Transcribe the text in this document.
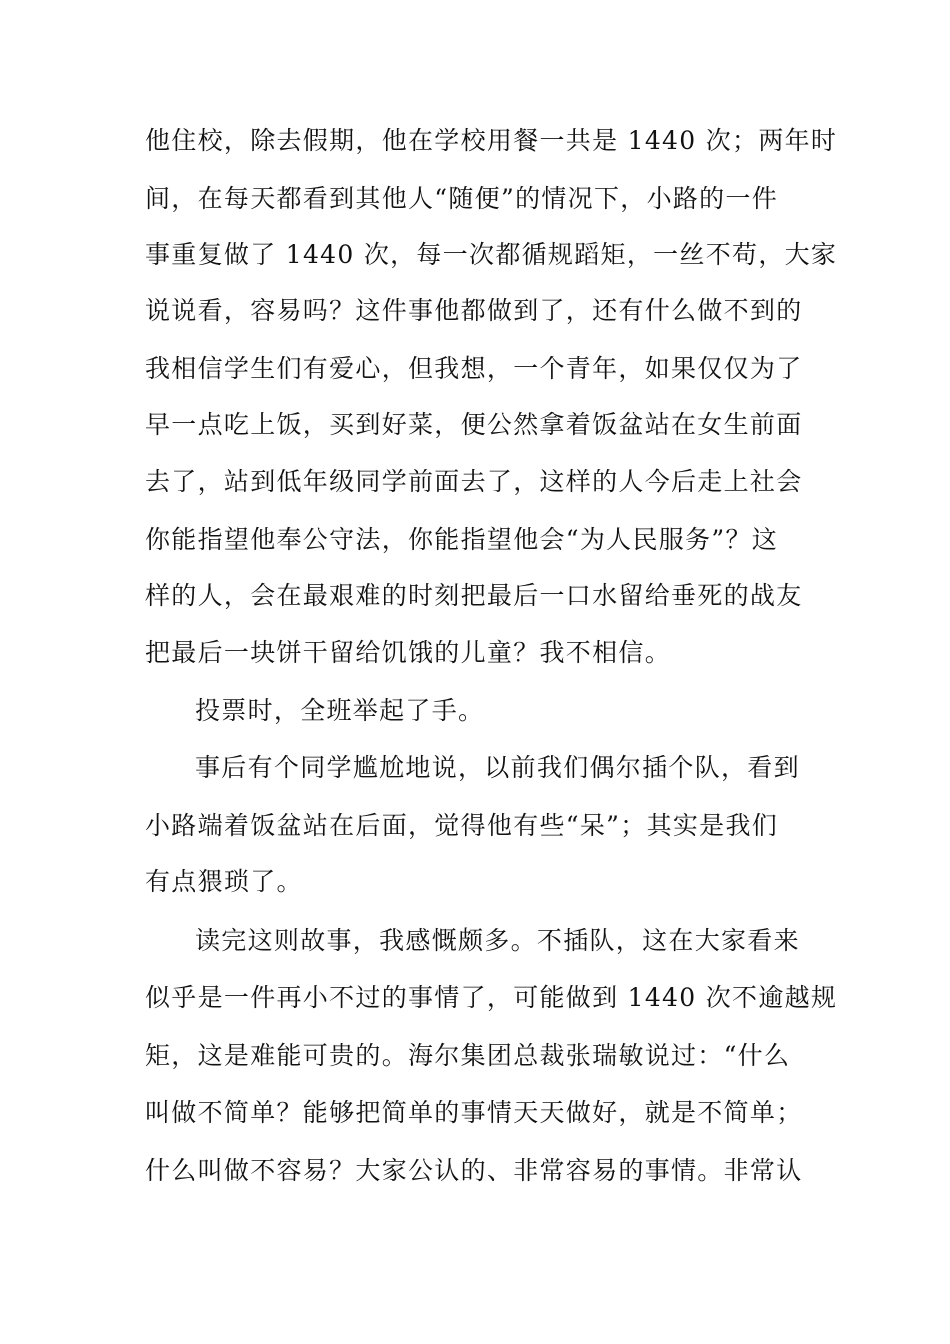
他住校，除去假期，他在学校用餐一共是 1440 次；两年时
间，在每天都看到其他人“随便”的情况下，小路的一件
事重复做了 1440 次，每一次都循规蹈矩，一丝不苟，大家
说说看，容易吗？这件事他都做到了，还有什么做不到的
我相信学生们有爱心，但我想，一个青年，如果仅仅为了
早一点吃上饭，买到好菜，便公然拿着饭盆站在女生前面
去了，站到低年级同学前面去了，这样的人今后走上社会
你能指望他奉公守法，你能指望他会“为人民服务”？这
样的人，会在最艰难的时刻把最后一口水留给垂死的战友
把最后一块饼干留给饥饿的儿童？我不相信。
投票时，全班举起了手。
事后有个同学尴尬地说，以前我们偶尔插个队，看到
小路端着饭盆站在后面，觉得他有些“呆”；其实是我们
有点猥琐了。
读完这则故事，我感慨颇多。不插队，这在大家看来
似乎是一件再小不过的事情了，可能做到 1440 次不逾越规
矩，这是难能可贵的。海尔集团总裁张瑞敏说过：“什么
叫做不简单？能够把简单的事情天天做好，就是不简单；
什么叫做不容易？大家公认的、非常容易的事情。非常认
